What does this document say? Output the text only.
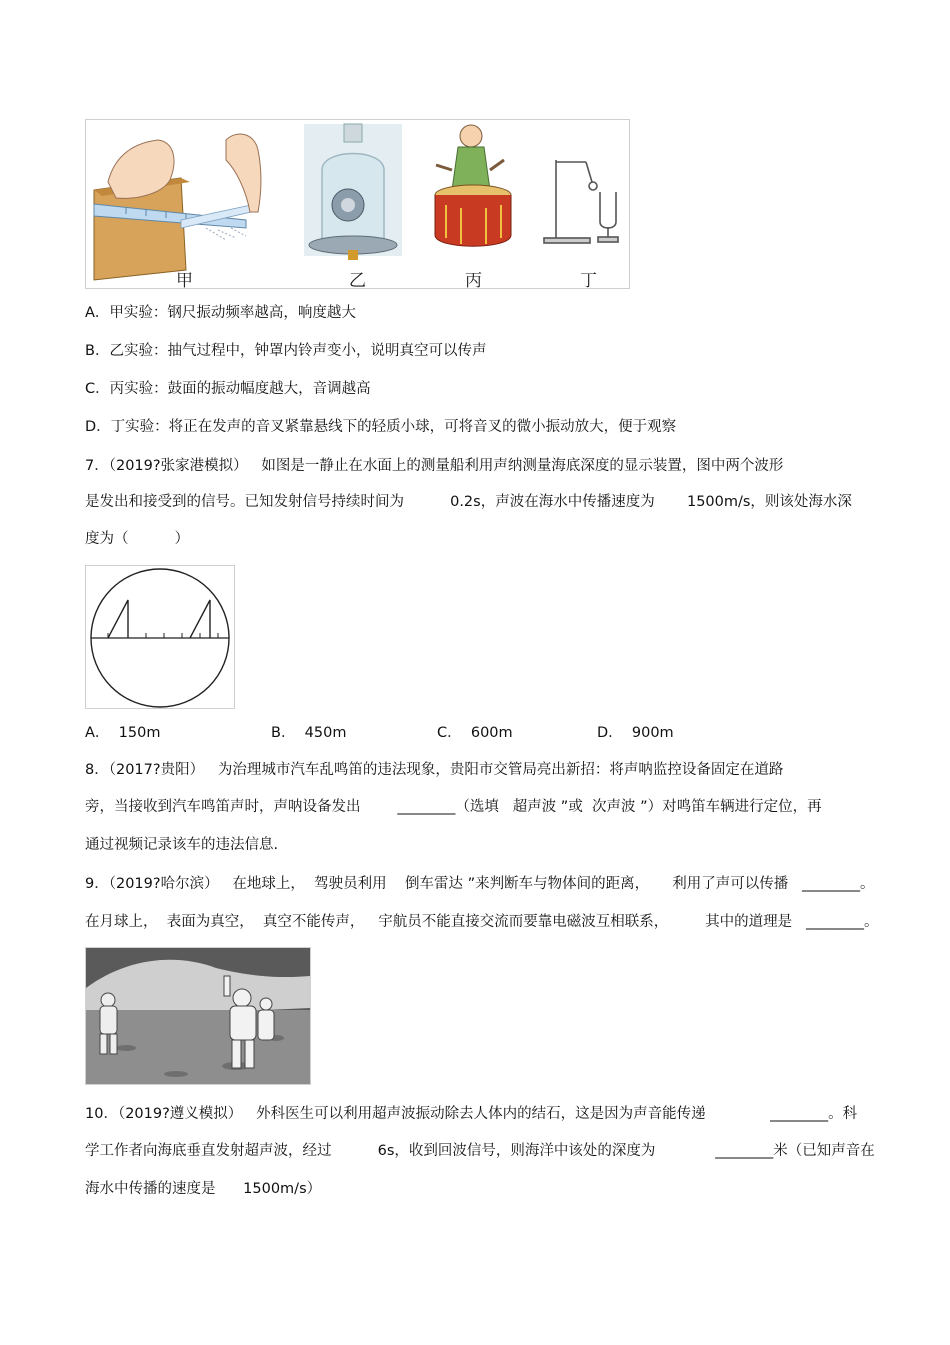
甲	乙	丙	丁
A．甲实验：钢尺振动频率越高，响度越大
B．乙实验：抽气过程中，钟罩内铃声变小，说明真空可以传声
C．丙实验：鼓面的振动幅度越大，音调越高
D．丁实验：将正在发声的音叉紧靠悬线下的轻质小球，可将音叉的微小振动放大，便于观察
7．（2019?张家港模拟）   如图是一静止在水面上的测量船利用声纳测量海底深度的显示装置，图中两个波形
是发出和接受到的信号。已知发射信号持续时间为          0.2s，声波在海水中传播速度为       1500m/s，则该处海水深
度为（          ）
A．  150m	B．  450m	C．  600m	D．  900m
8．（2017?贵阳）   为治理城市汽车乱鸣笛的违法现象，贵阳市交管局亮出新招：将声呐监控设备固定在道路
旁，当接收到汽车鸣笛声时，声呐设备发出        ________（选填   超声波 ”或  次声波 ”）对鸣笛车辆进行定位，再
通过视频记录该车的违法信息.
9．（2019?哈尔滨）   在地球上，  驾驶员利用    倒车雷达 ”来判断车与物体间的距离，     利用了声可以传播   ________。
在月球上，  表面为真空，  真空不能传声，   宇航员不能直接交流而要靠电磁波互相联系，        其中的道理是   ________。
10．（2019?遵义模拟）   外科医生可以利用超声波振动除去人体内的结石，这是因为声音能传递              ________。科
学工作者向海底垂直发射超声波，经过          6s，收到回波信号，则海洋中该处的深度为             ________米（已知声音在
海水中传播的速度是      1500m/s）
